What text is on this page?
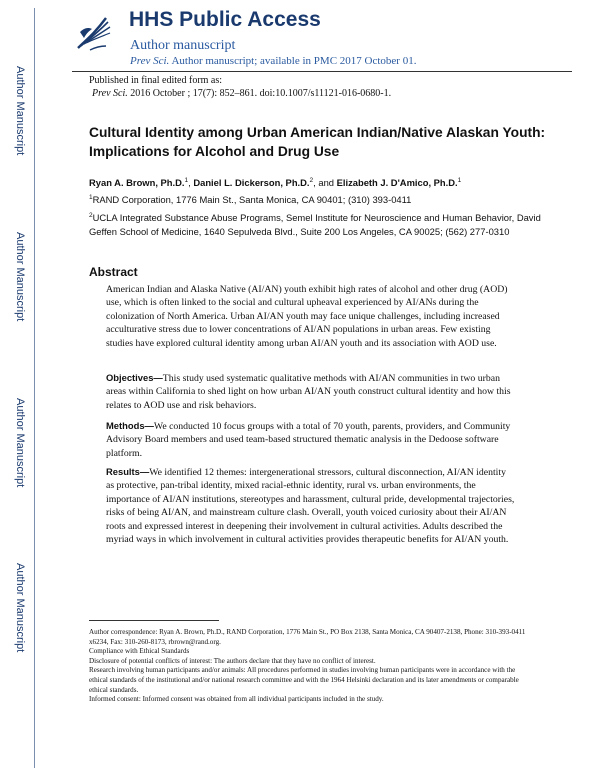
Author Manuscript
Author Manuscript
Author Manuscript
Author Manuscript
HHS Public Access
Author manuscript
Prev Sci. Author manuscript; available in PMC 2017 October 01.
Published in final edited form as:
Prev Sci. 2016 October ; 17(7): 852–861. doi:10.1007/s11121-016-0680-1.
Cultural Identity among Urban American Indian/Native Alaskan Youth: Implications for Alcohol and Drug Use
Ryan A. Brown, Ph.D.$^1$, Daniel L. Dickerson, Ph.D.$^2$, and Elizabeth J. D'Amico, Ph.D.$^1$
$^1$RAND Corporation, 1776 Main St., Santa Monica, CA 90401; (310) 393-0411
$^2$UCLA Integrated Substance Abuse Programs, Semel Institute for Neuroscience and Human Behavior, David Geffen School of Medicine, 1640 Sepulveda Blvd., Suite 200 Los Angeles, CA 90025; (562) 277-0310
Abstract
American Indian and Alaska Native (AI/AN) youth exhibit high rates of alcohol and other drug (AOD) use, which is often linked to the social and cultural upheaval experienced by AI/ANs during the colonization of North America. Urban AI/AN youth may face unique challenges, including increased acculturative stress due to lower concentrations of AI/AN populations in urban areas. Few existing studies have explored cultural identity among urban AI/AN youth and its association with AOD use.
Objectives—This study used systematic qualitative methods with AI/AN communities in two urban areas within California to shed light on how urban AI/AN youth construct cultural identity and how this relates to AOD use and risk behaviors.
Methods—We conducted 10 focus groups with a total of 70 youth, parents, providers, and Community Advisory Board members and used team-based structured thematic analysis in the Dedoose software platform.
Results—We identified 12 themes: intergenerational stressors, cultural disconnection, AI/AN identity as protective, pan-tribal identity, mixed racial-ethnic identity, rural vs. urban environments, the importance of AI/AN institutions, stereotypes and harassment, cultural pride, developmental trajectories, risks of being AI/AN, and mainstream culture clash. Overall, youth voiced curiosity about their AI/AN roots and expressed interest in deepening their involvement in cultural activities. Adults described the myriad ways in which involvement in cultural activities provides therapeutic benefits for AI/AN youth.
Author correspondence: Ryan A. Brown, Ph.D., RAND Corporation, 1776 Main St., PO Box 2138, Santa Monica, CA 90407-2138, Phone: 310-393-0411 x6234, Fax: 310-260-8173, rbrown@rand.org.
Compliance with Ethical Standards
Disclosure of potential conflicts of interest: The authors declare that they have no conflict of interest.
Research involving human participants and/or animals: All procedures performed in studies involving human participants were in accordance with the ethical standards of the institutional and/or national research committee and with the 1964 Helsinki declaration and its later amendments or comparable ethical standards.
Informed consent: Informed consent was obtained from all individual participants included in the study.
